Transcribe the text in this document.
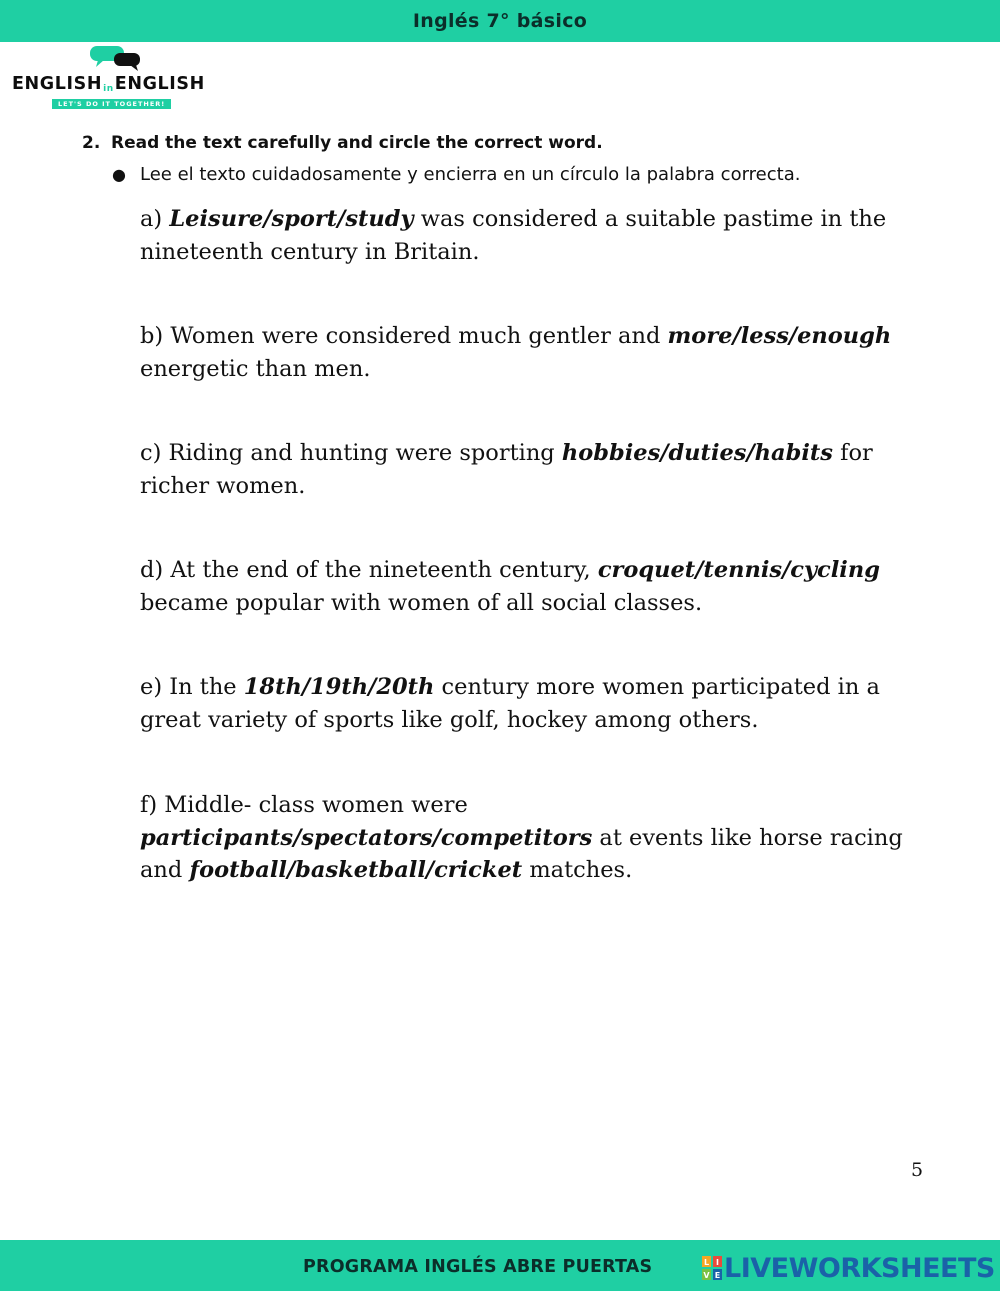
Inglés 7° básico
ENGLISHinENGLISH
LET'S DO IT TOGETHER!
2. Read the text carefully and circle the correct word.
● Lee el texto cuidadosamente y encierra en un círculo la palabra correcta.
a) Leisure/sport/study was considered a suitable pastime in the nineteenth century in Britain.
b) Women were considered much gentler and more/less/enough energetic than men.
c) Riding and hunting were sporting hobbies/duties/habits for richer women.
d) At the end of the nineteenth century, croquet/tennis/cycling became popular with women of all social classes.
e) In the 18th/19th/20th century more women participated in a great variety of sports like golf, hockey among others.
f) Middle- class women were
participants/spectators/competitors at events like horse racing and football/basketball/cricket matches.
5
PROGRAMA INGLÉS ABRE PUERTAS	L I
V E LIVEWORKSHEETS
